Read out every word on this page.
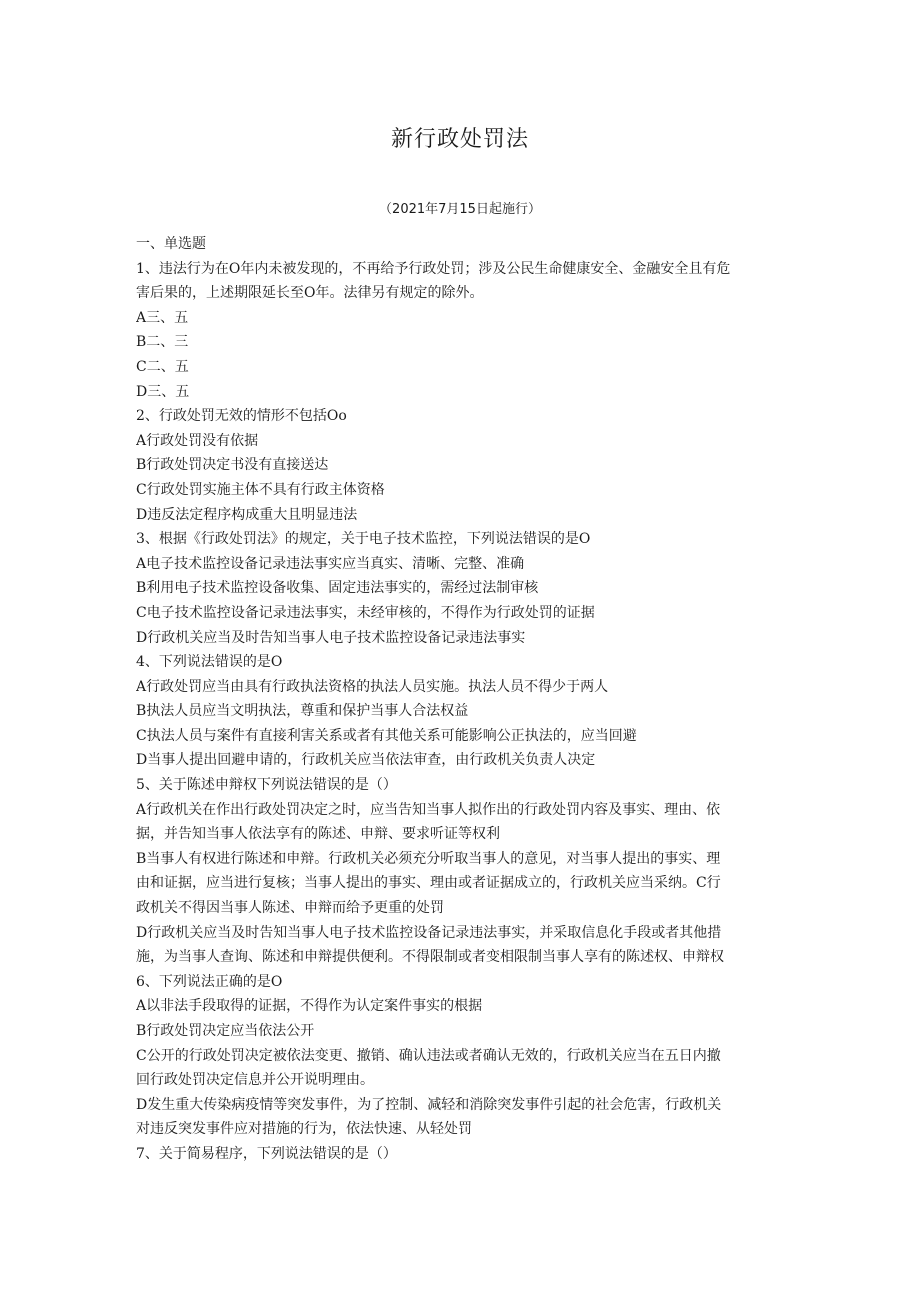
新行政处罚法
（2021年7月15日起施行）
一、单选题
1、违法行为在O年内未被发现的，不再给予行政处罚；涉及公民生命健康安全、金融安全且有危
害后果的，上述期限延长至O年。法律另有规定的除外。
A三、五
B二、三
C二、五
D三、五
2、行政处罚无效的情形不包括Oo
A行政处罚没有依据
B行政处罚决定书没有直接送达
C行政处罚实施主体不具有行政主体资格
D违反法定程序构成重大且明显违法
3、根据《行政处罚法》的规定，关于电子技术监控，下列说法错误的是O
A电子技术监控设备记录违法事实应当真实、清晰、完整、准确
B利用电子技术监控设备收集、固定违法事实的，需经过法制审核
C电子技术监控设备记录违法事实，未经审核的，不得作为行政处罚的证据
D行政机关应当及时告知当事人电子技术监控设备记录违法事实
4、下列说法错误的是O
A行政处罚应当由具有行政执法资格的执法人员实施。执法人员不得少于两人
B执法人员应当文明执法，尊重和保护当事人合法权益
C执法人员与案件有直接利害关系或者有其他关系可能影响公正执法的，应当回避
D当事人提出回避申请的，行政机关应当依法审查，由行政机关负责人决定
5、关于陈述申辩权下列说法错误的是（）
A行政机关在作出行政处罚决定之时，应当告知当事人拟作出的行政处罚内容及事实、理由、依
据，并告知当事人依法享有的陈述、申辩、要求听证等权利
B当事人有权进行陈述和申辩。行政机关必须充分听取当事人的意见，对当事人提出的事实、理
由和证据，应当进行复核；当事人提出的事实、理由或者证据成立的，行政机关应当采纳。C行
政机关不得因当事人陈述、申辩而给予更重的处罚
D行政机关应当及时告知当事人电子技术监控设备记录违法事实，并采取信息化手段或者其他措
施，为当事人查询、陈述和申辩提供便利。不得限制或者变相限制当事人享有的陈述权、申辩权
6、下列说法正确的是O
A以非法手段取得的证据，不得作为认定案件事实的根据
B行政处罚决定应当依法公开
C公开的行政处罚决定被依法变更、撤销、确认违法或者确认无效的，行政机关应当在五日内撤
回行政处罚决定信息并公开说明理由。
D发生重大传染病疫情等突发事件，为了控制、减轻和消除突发事件引起的社会危害，行政机关
对违反突发事件应对措施的行为，依法快速、从轻处罚
7、关于简易程序，下列说法错误的是（）
